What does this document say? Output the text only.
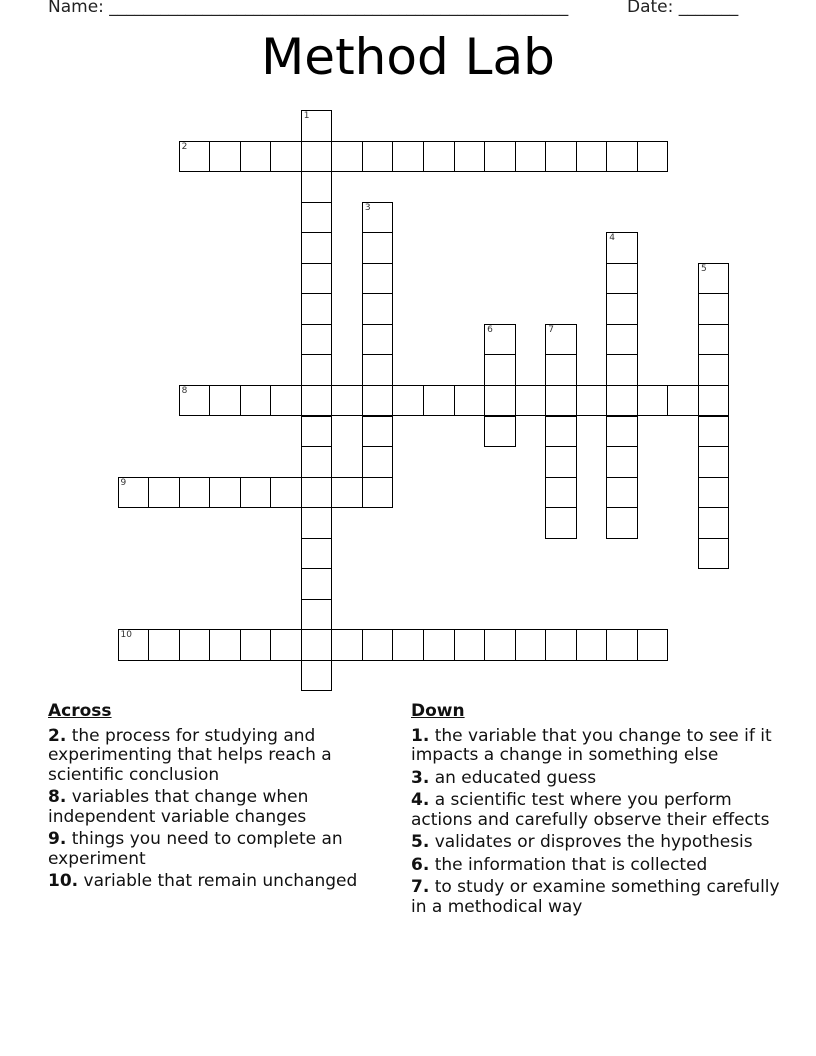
Name: ______________________________________________________	Date: _______
Method Lab
1
2
3
4
5
6	7
8
9
10
Across
2. the process for studying and experimenting that helps reach a scientific conclusion
8. variables that change when independent variable changes
9. things you need to complete an experiment
10. variable that remain unchanged
Down
1. the variable that you change to see if it impacts a change in something else
3. an educated guess
4. a scientific test where you perform actions and carefully observe their effects
5. validates or disproves the hypothesis
6. the information that is collected
7. to study or examine something carefully in a methodical way
